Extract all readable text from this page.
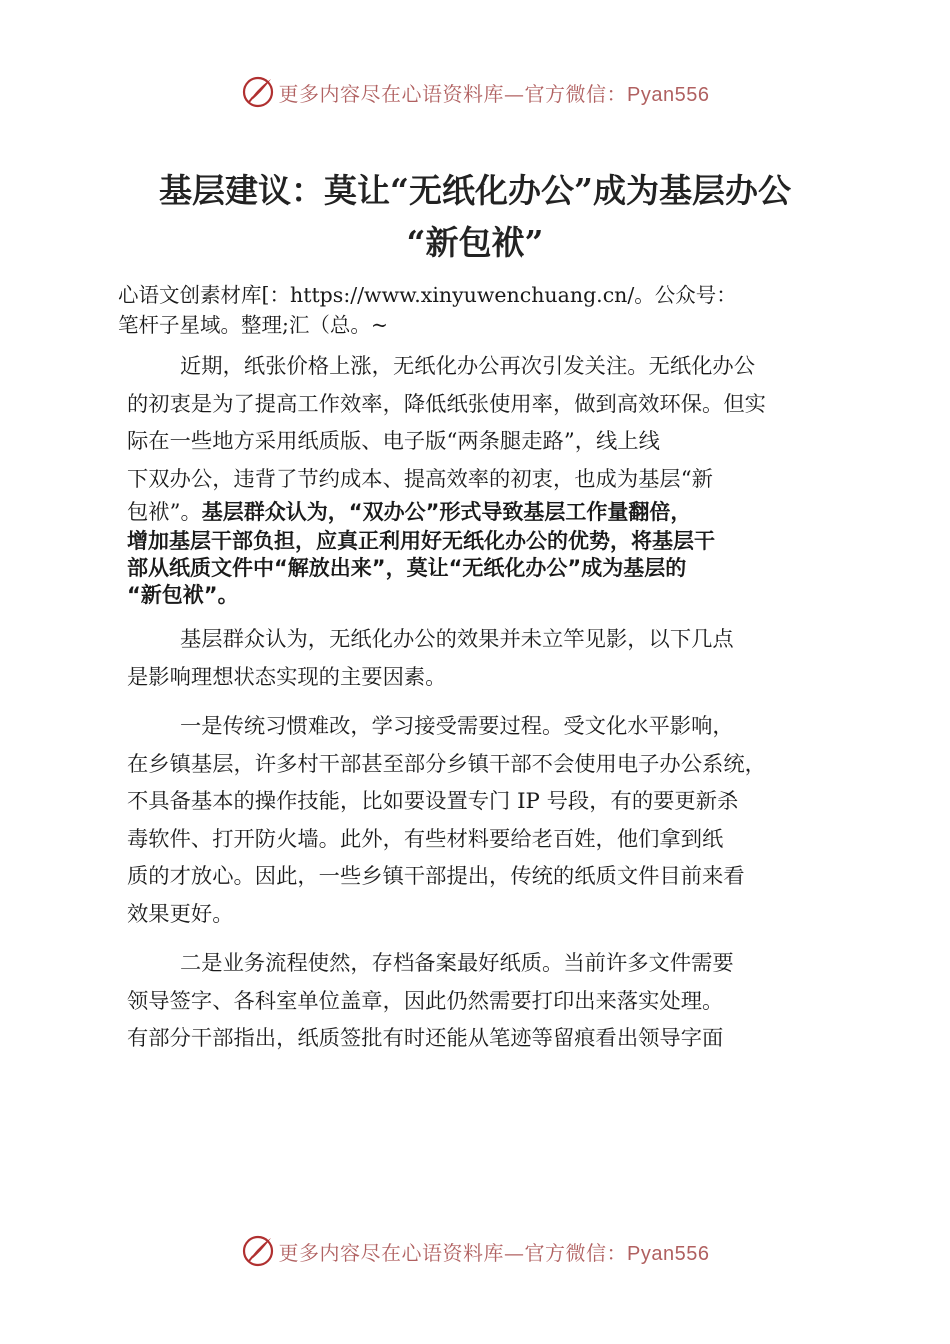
更多内容尽在心语资料库—官方微信：Pyan556
基层建议：莫让“无纸化办公”成为基层办公
“新包袱”
心语文创素材库[：https://www.xinyuwenchuang.cn/。公众号：
笔杆子星域。整理;汇（总。~
近期，纸张价格上涨，无纸化办公再次引发关注。无纸化办公
的初衷是为了提高工作效率，降低纸张使用率，做到高效环保。但实
际在一些地方采用纸质版、电子版“两条腿走路”，线上线
下双办公，违背了节约成本、提高效率的初衷，也成为基层“新
包袱”。基层群众认为，“双办公”形式导致基层工作量翻倍，
增加基层干部负担，应真正利用好无纸化办公的优势，将基层干
部从纸质文件中“解放出来”，莫让“无纸化办公”成为基层的
“新包袱”。
基层群众认为，无纸化办公的效果并未立竿见影，以下几点
是影响理想状态实现的主要因素。
一是传统习惯难改，学习接受需要过程。受文化水平影响，
在乡镇基层，许多村干部甚至部分乡镇干部不会使用电子办公系统，
不具备基本的操作技能，比如要设置专门 IP 号段，有的要更新杀
毒软件、打开防火墙。此外，有些材料要给老百姓，他们拿到纸
质的才放心。因此，一些乡镇干部提出，传统的纸质文件目前来看
效果更好。
二是业务流程使然，存档备案最好纸质。当前许多文件需要
领导签字、各科室单位盖章，因此仍然需要打印出来落实处理。
有部分干部指出，纸质签批有时还能从笔迹等留痕看出领导字面
更多内容尽在心语资料库—官方微信：Pyan556
